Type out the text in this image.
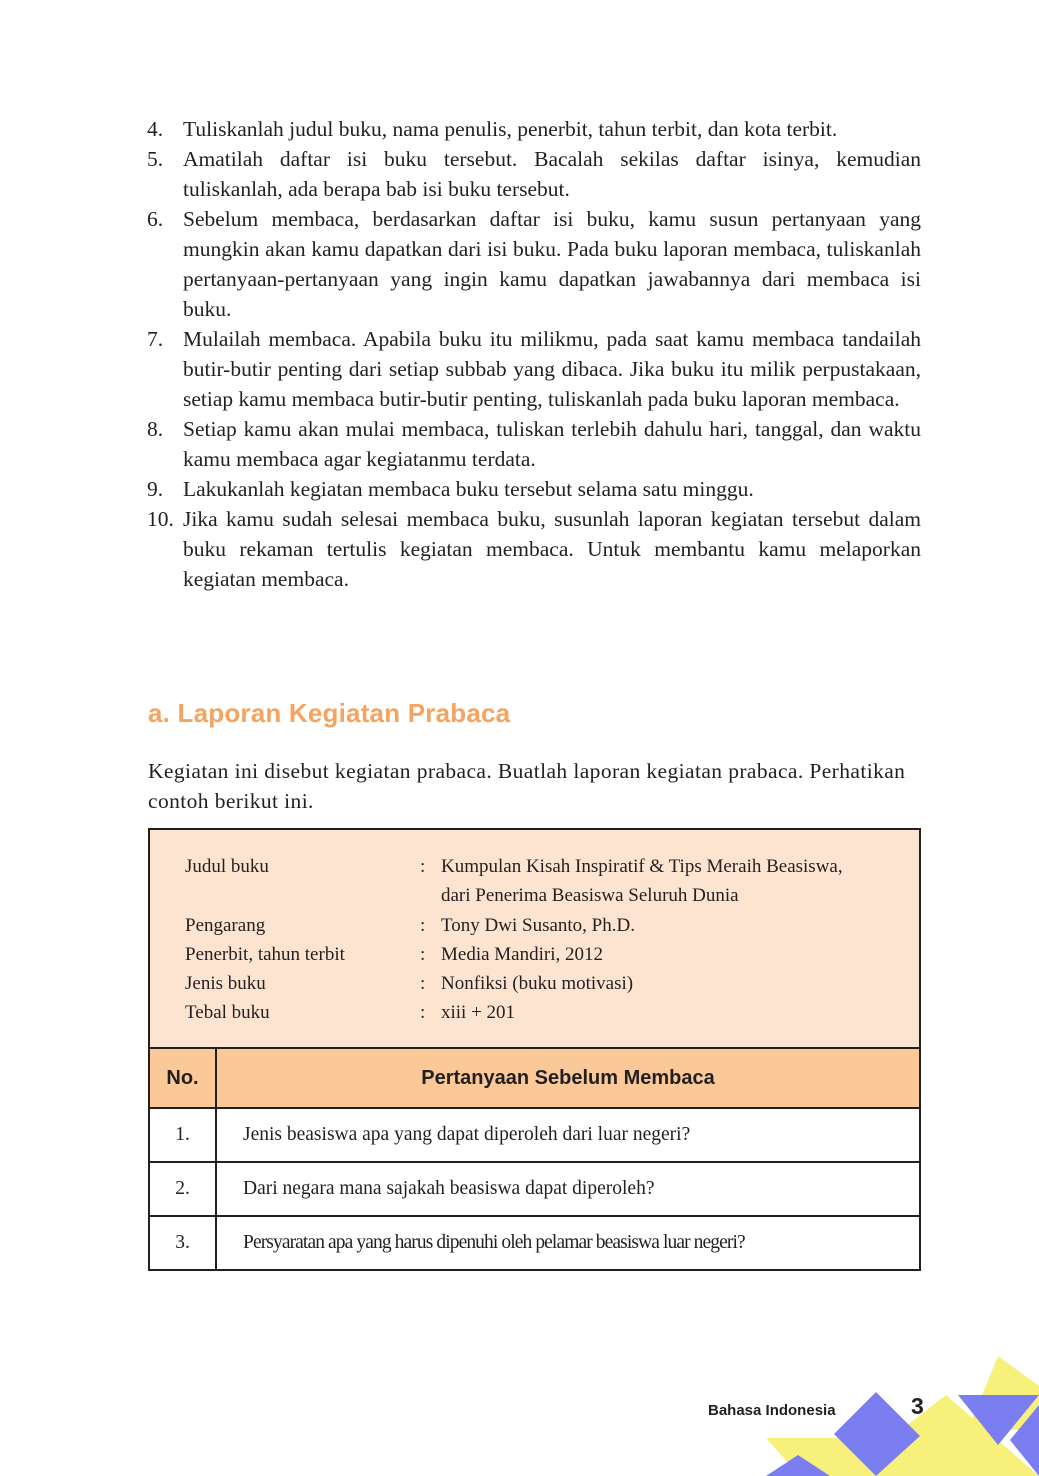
4. Tuliskanlah judul buku, nama penulis, penerbit, tahun terbit, dan kota terbit.
5. Amatilah daftar isi buku tersebut. Bacalah sekilas daftar isinya, kemudian tuliskanlah, ada berapa bab isi buku tersebut.
6. Sebelum membaca, berdasarkan daftar isi buku, kamu susun pertanyaan yang mungkin akan kamu dapatkan dari isi buku. Pada buku laporan membaca, tuliskanlah pertanyaan-pertanyaan yang ingin kamu dapatkan jawabannya dari membaca isi buku.
7. Mulailah membaca. Apabila buku itu milikmu, pada saat kamu membaca tandailah butir-butir penting dari setiap subbab yang dibaca. Jika buku itu milik perpustakaan, setiap kamu membaca butir-butir penting, tuliskanlah pada buku laporan membaca.
8. Setiap kamu akan mulai membaca, tuliskan terlebih dahulu hari, tanggal, dan waktu kamu membaca agar kegiatanmu terdata.
9. Lakukanlah kegiatan membaca buku tersebut selama satu minggu.
10. Jika kamu sudah selesai membaca buku, susunlah laporan kegiatan tersebut dalam buku rekaman tertulis kegiatan membaca. Untuk membantu kamu melaporkan kegiatan membaca.
a. Laporan Kegiatan Prabaca

Kegiatan ini disebut kegiatan prabaca. Buatlah laporan kegiatan prabaca. Perhatikan contoh berikut ini.

Judul buku	: Kumpulan Kisah Inspiratif & Tips Meraih Beasiswa,
dari Penerima Beasiswa Seluruh Dunia
Pengarang	: Tony Dwi Susanto, Ph.D.
Penerbit, tahun terbit	: Media Mandiri, 2012
Jenis buku	: Nonfiksi (buku motivasi)
Tebal buku	: xiii + 201
No.	Pertanyaan Sebelum Membaca
1.	Jenis beasiswa apa yang dapat diperoleh dari luar negeri?
2.	Dari negara mana sajakah beasiswa dapat diperoleh?
3.	Persyaratan apa yang harus dipenuhi oleh pelamar beasiswa luar negeri?
Bahasa Indonesia	3
